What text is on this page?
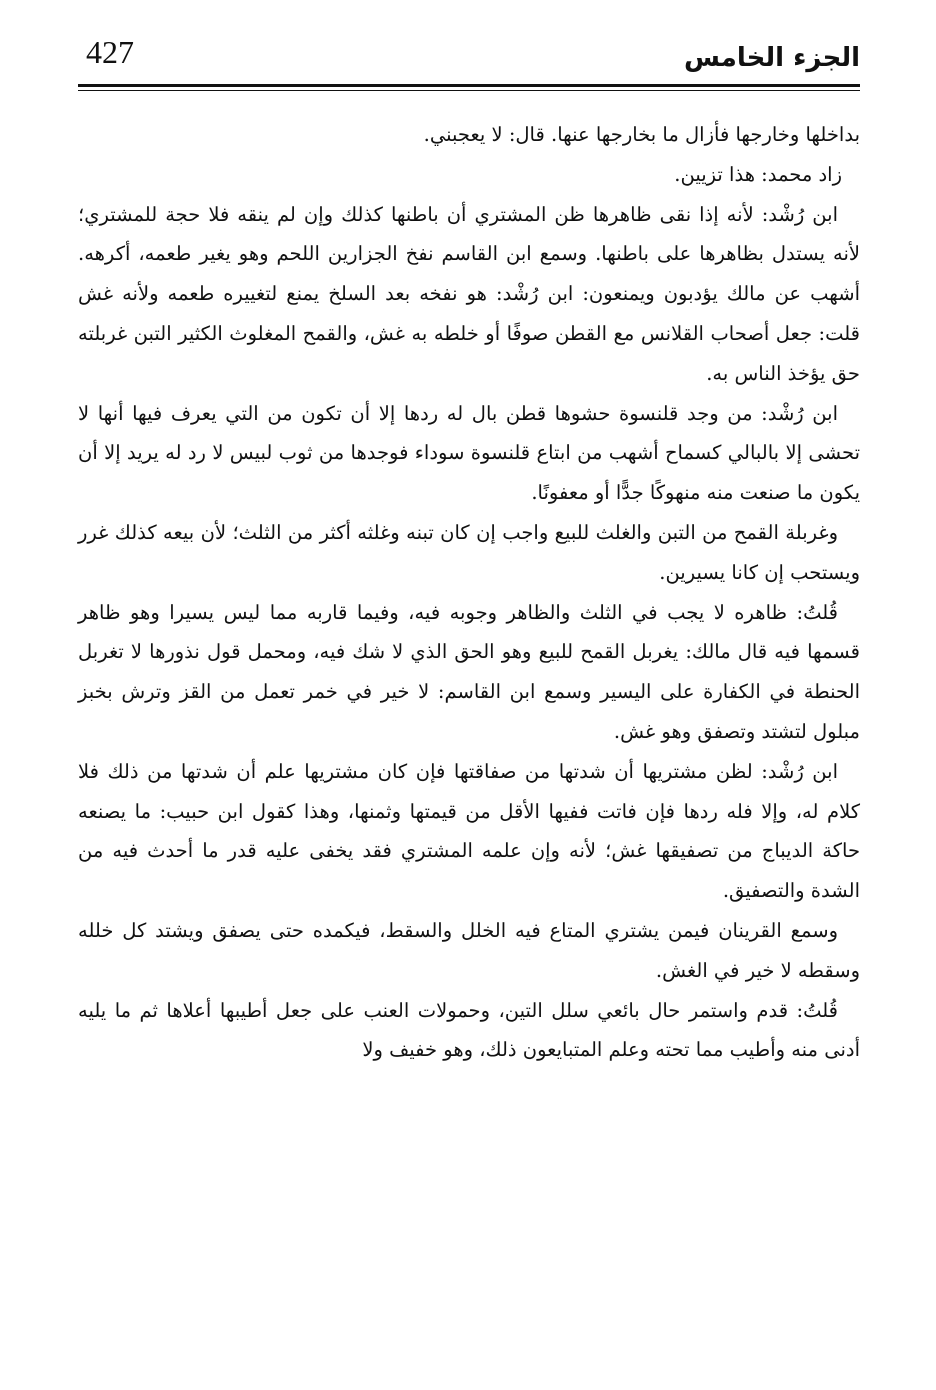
الجزء الخامس
427

بداخلها وخارجها فأزال ما بخارجها عنها. قال: لا يعجبني.

زاد محمد: هذا تزيين.

ابن رُشْد: لأنه إذا نقى ظاهرها ظن المشتري أن باطنها كذلك وإن لم ينقه فلا حجة للمشتري؛ لأنه يستدل بظاهرها على باطنها. وسمع ابن القاسم نفخ الجزارين اللحم وهو يغير طعمه، أكرهه. أشهب عن مالك يؤدبون ويمنعون: ابن رُشْد: هو نفخه بعد السلخ يمنع لتغييره طعمه ولأنه غش قلت: جعل أصحاب القلانس مع القطن صوفًا أو خلطه به غش، والقمح المغلوث الكثير التبن غربلته حق يؤخذ الناس به.

ابن رُشْد: من وجد قلنسوة حشوها قطن بال له ردها إلا أن تكون من التي يعرف فيها أنها لا تحشى إلا بالبالي كسماح أشهب من ابتاع قلنسوة سوداء فوجدها من ثوب لبيس لا رد له يريد إلا أن يكون ما صنعت منه منهوكًا جدًّا أو معفونًا.

وغربلة القمح من التبن والغلث للبيع واجب إن كان تبنه وغلثه أكثر من الثلث؛ لأن بيعه كذلك غرر ويستحب إن كانا يسيرين.

قُلتُ: ظاهره لا يجب في الثلث والظاهر وجوبه فيه، وفيما قاربه مما ليس يسيرا وهو ظاهر قسمها فيه قال مالك: يغربل القمح للبيع وهو الحق الذي لا شك فيه، ومحمل قول نذورها لا تغربل الحنطة في الكفارة على اليسير وسمع ابن القاسم: لا خير في خمر تعمل من القز وترش بخبز مبلول لتشتد وتصفق وهو غش.

ابن رُشْد: لظن مشتريها أن شدتها من صفاقتها فإن كان مشتريها علم أن شدتها من ذلك فلا كلام له، وإلا فله ردها فإن فاتت ففيها الأقل من قيمتها وثمنها، وهذا كقول ابن حبيب: ما يصنعه حاكة الديباج من تصفيقها غش؛ لأنه وإن علمه المشتري فقد يخفى عليه قدر ما أحدث فيه من الشدة والتصفيق.

وسمع القرينان فيمن يشتري المتاع فيه الخلل والسقط، فيكمده حتى يصفق ويشتد كل خلله وسقطه لا خير في الغش.

قُلتُ: قدم واستمر حال بائعي سلل التين، وحمولات العنب على جعل أطيبها أعلاها ثم ما يليه أدنى منه وأطيب مما تحته وعلم المتبايعون ذلك، وهو خفيف ولا
